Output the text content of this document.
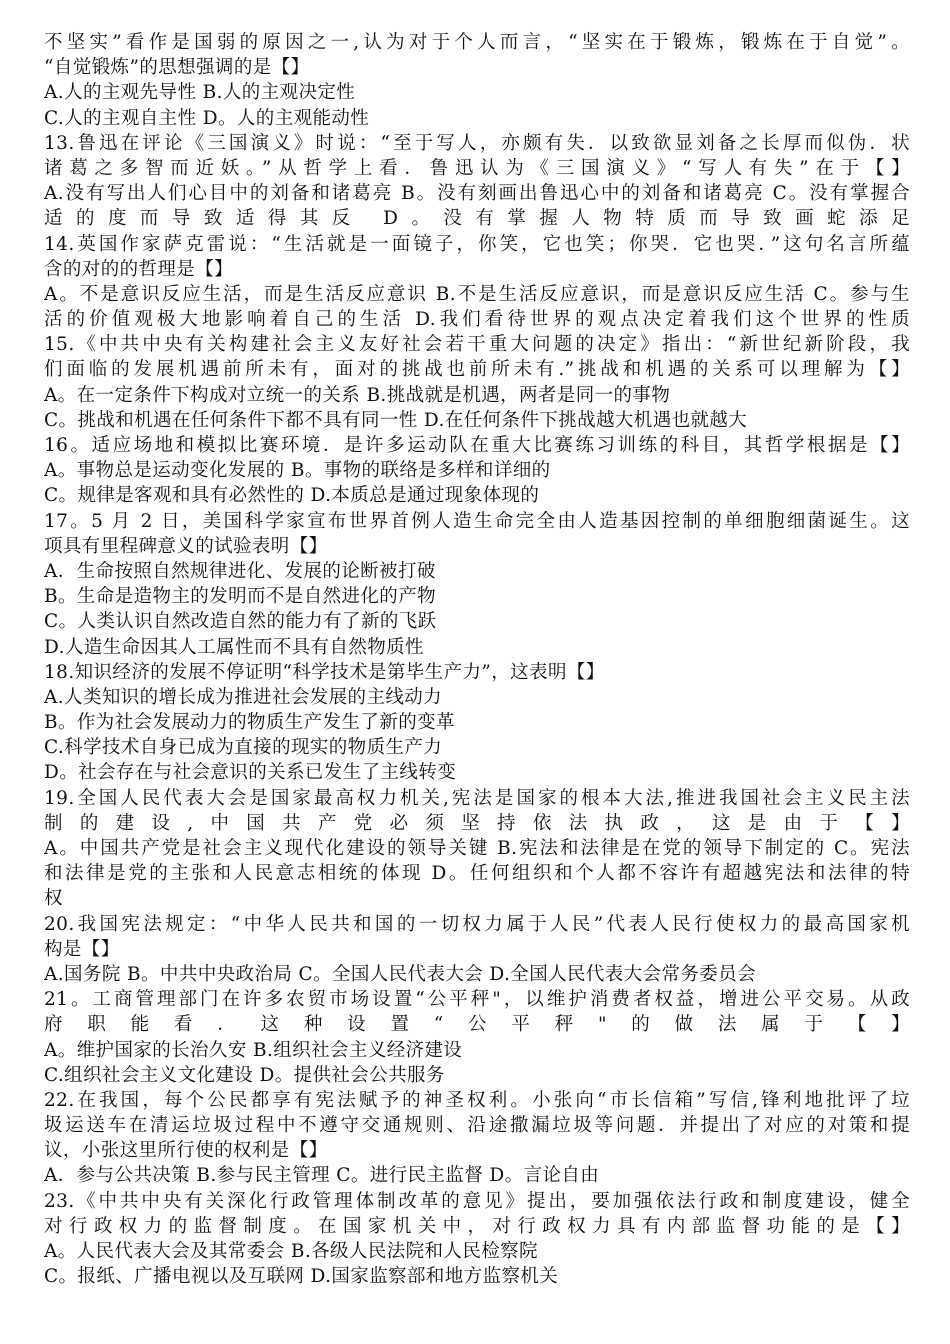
不坚实”看作是国弱的原因之一,认为对于个人而言，“坚实在于锻炼，锻炼在于自觉”。
“自觉锻炼”的思想强调的是【】
A.人的主观先导性 B.人的主观决定性
C.人的主观自主性 D。人的主观能动性
13.鲁迅在评论《三国演义》时说：“至于写人，亦颇有失．以致欲显刘备之长厚而似伪．状
诸葛之多智而近妖。”从哲学上看．鲁迅认为《三国演义》“写人有失”在于【】
A.没有写出人们心目中的刘备和诸葛亮 B。没有刻画出鲁迅心中的刘备和诸葛亮 C。没有掌握合
适的度而导致适得其反 D。没有掌握人物特质而导致画蛇添足
14.英国作家萨克雷说：“生活就是一面镜子，你笑，它也笑；你哭．它也哭．”这句名言所蕴
含的对的的哲理是【】
A。不是意识反应生活，而是生活反应意识 B.不是生活反应意识，而是意识反应生活 C。参与生
活的价值观极大地影响着自己的生活 D.我们看待世界的观点决定着我们这个世界的性质
15.《中共中央有关构建社会主义友好社会若干重大问题的决定》指出：“新世纪新阶段，我
们面临的发展机遇前所未有，面对的挑战也前所未有.”挑战和机遇的关系可以理解为【】
A。在一定条件下构成对立统一的关系 B.挑战就是机遇，两者是同一的事物
C。挑战和机遇在任何条件下都不具有同一性 D.在任何条件下挑战越大机遇也就越大
16。适应场地和模拟比赛环境．是许多运动队在重大比赛练习训练的科目，其哲学根据是【】
A。事物总是运动变化发展的 B。事物的联络是多样和详细的
C。规律是客观和具有必然性的 D.本质总是通过现象体现的
17。5 月 2 日，美国科学家宣布世界首例人造生命完全由人造基因控制的单细胞细菌诞生。这
项具有里程碑意义的试验表明【】
A．生命按照自然规律进化、发展的论断被打破
B。生命是造物主的发明而不是自然进化的产物
C。人类认识自然改造自然的能力有了新的飞跃
D.人造生命因其人工属性而不具有自然物质性
18.知识经济的发展不停证明“科学技术是第毕生产力”，这表明【】
A.人类知识的增长成为推进社会发展的主线动力
B。作为社会发展动力的物质生产发生了新的变革
C.科学技术自身已成为直接的现实的物质生产力
D。社会存在与社会意识的关系已发生了主线转变
19.全国人民代表大会是国家最高权力机关,宪法是国家的根本大法,推进我国社会主义民主法
制的建设,中国共产党必须坚持依法执政，这是由于【】
A。中国共产党是社会主义现代化建设的领导关键 B.宪法和法律是在党的领导下制定的 C。宪法
和法律是党的主张和人民意志相统的体现 D。任何组织和个人都不容许有超越宪法和法律的特
权
20.我国宪法规定：“中华人民共和国的一切权力属于人民”代表人民行使权力的最高国家机
构是【】
A.国务院 B。中共中央政治局 C。全国人民代表大会 D.全国人民代表大会常务委员会
21。工商管理部门在许多农贸市场设置“公平秤"，以维护消费者权益，增进公平交易。从政
府职能看．这种设置“公平秤"的做法属于【】
A。维护国家的长治久安 B.组织社会主义经济建设
C.组织社会主义文化建设 D。提供社会公共服务
22.在我国，每个公民都享有宪法赋予的神圣权利。小张向“市长信箱”写信,锋利地批评了垃
圾运送车在清运垃圾过程中不遵守交通规则、沿途撒漏垃圾等问题．并提出了对应的对策和提
议，小张这里所行使的权利是【】
A．参与公共决策 B.参与民主管理 C。进行民主监督 D。言论自由
23.《中共中央有关深化行政管理体制改革的意见》提出，要加强依法行政和制度建设，健全
对行政权力的监督制度。在国家机关中，对行政权力具有内部监督功能的是【】
A。人民代表大会及其常委会 B.各级人民法院和人民检察院
C。报纸、广播电视以及互联网 D.国家监察部和地方监察机关
